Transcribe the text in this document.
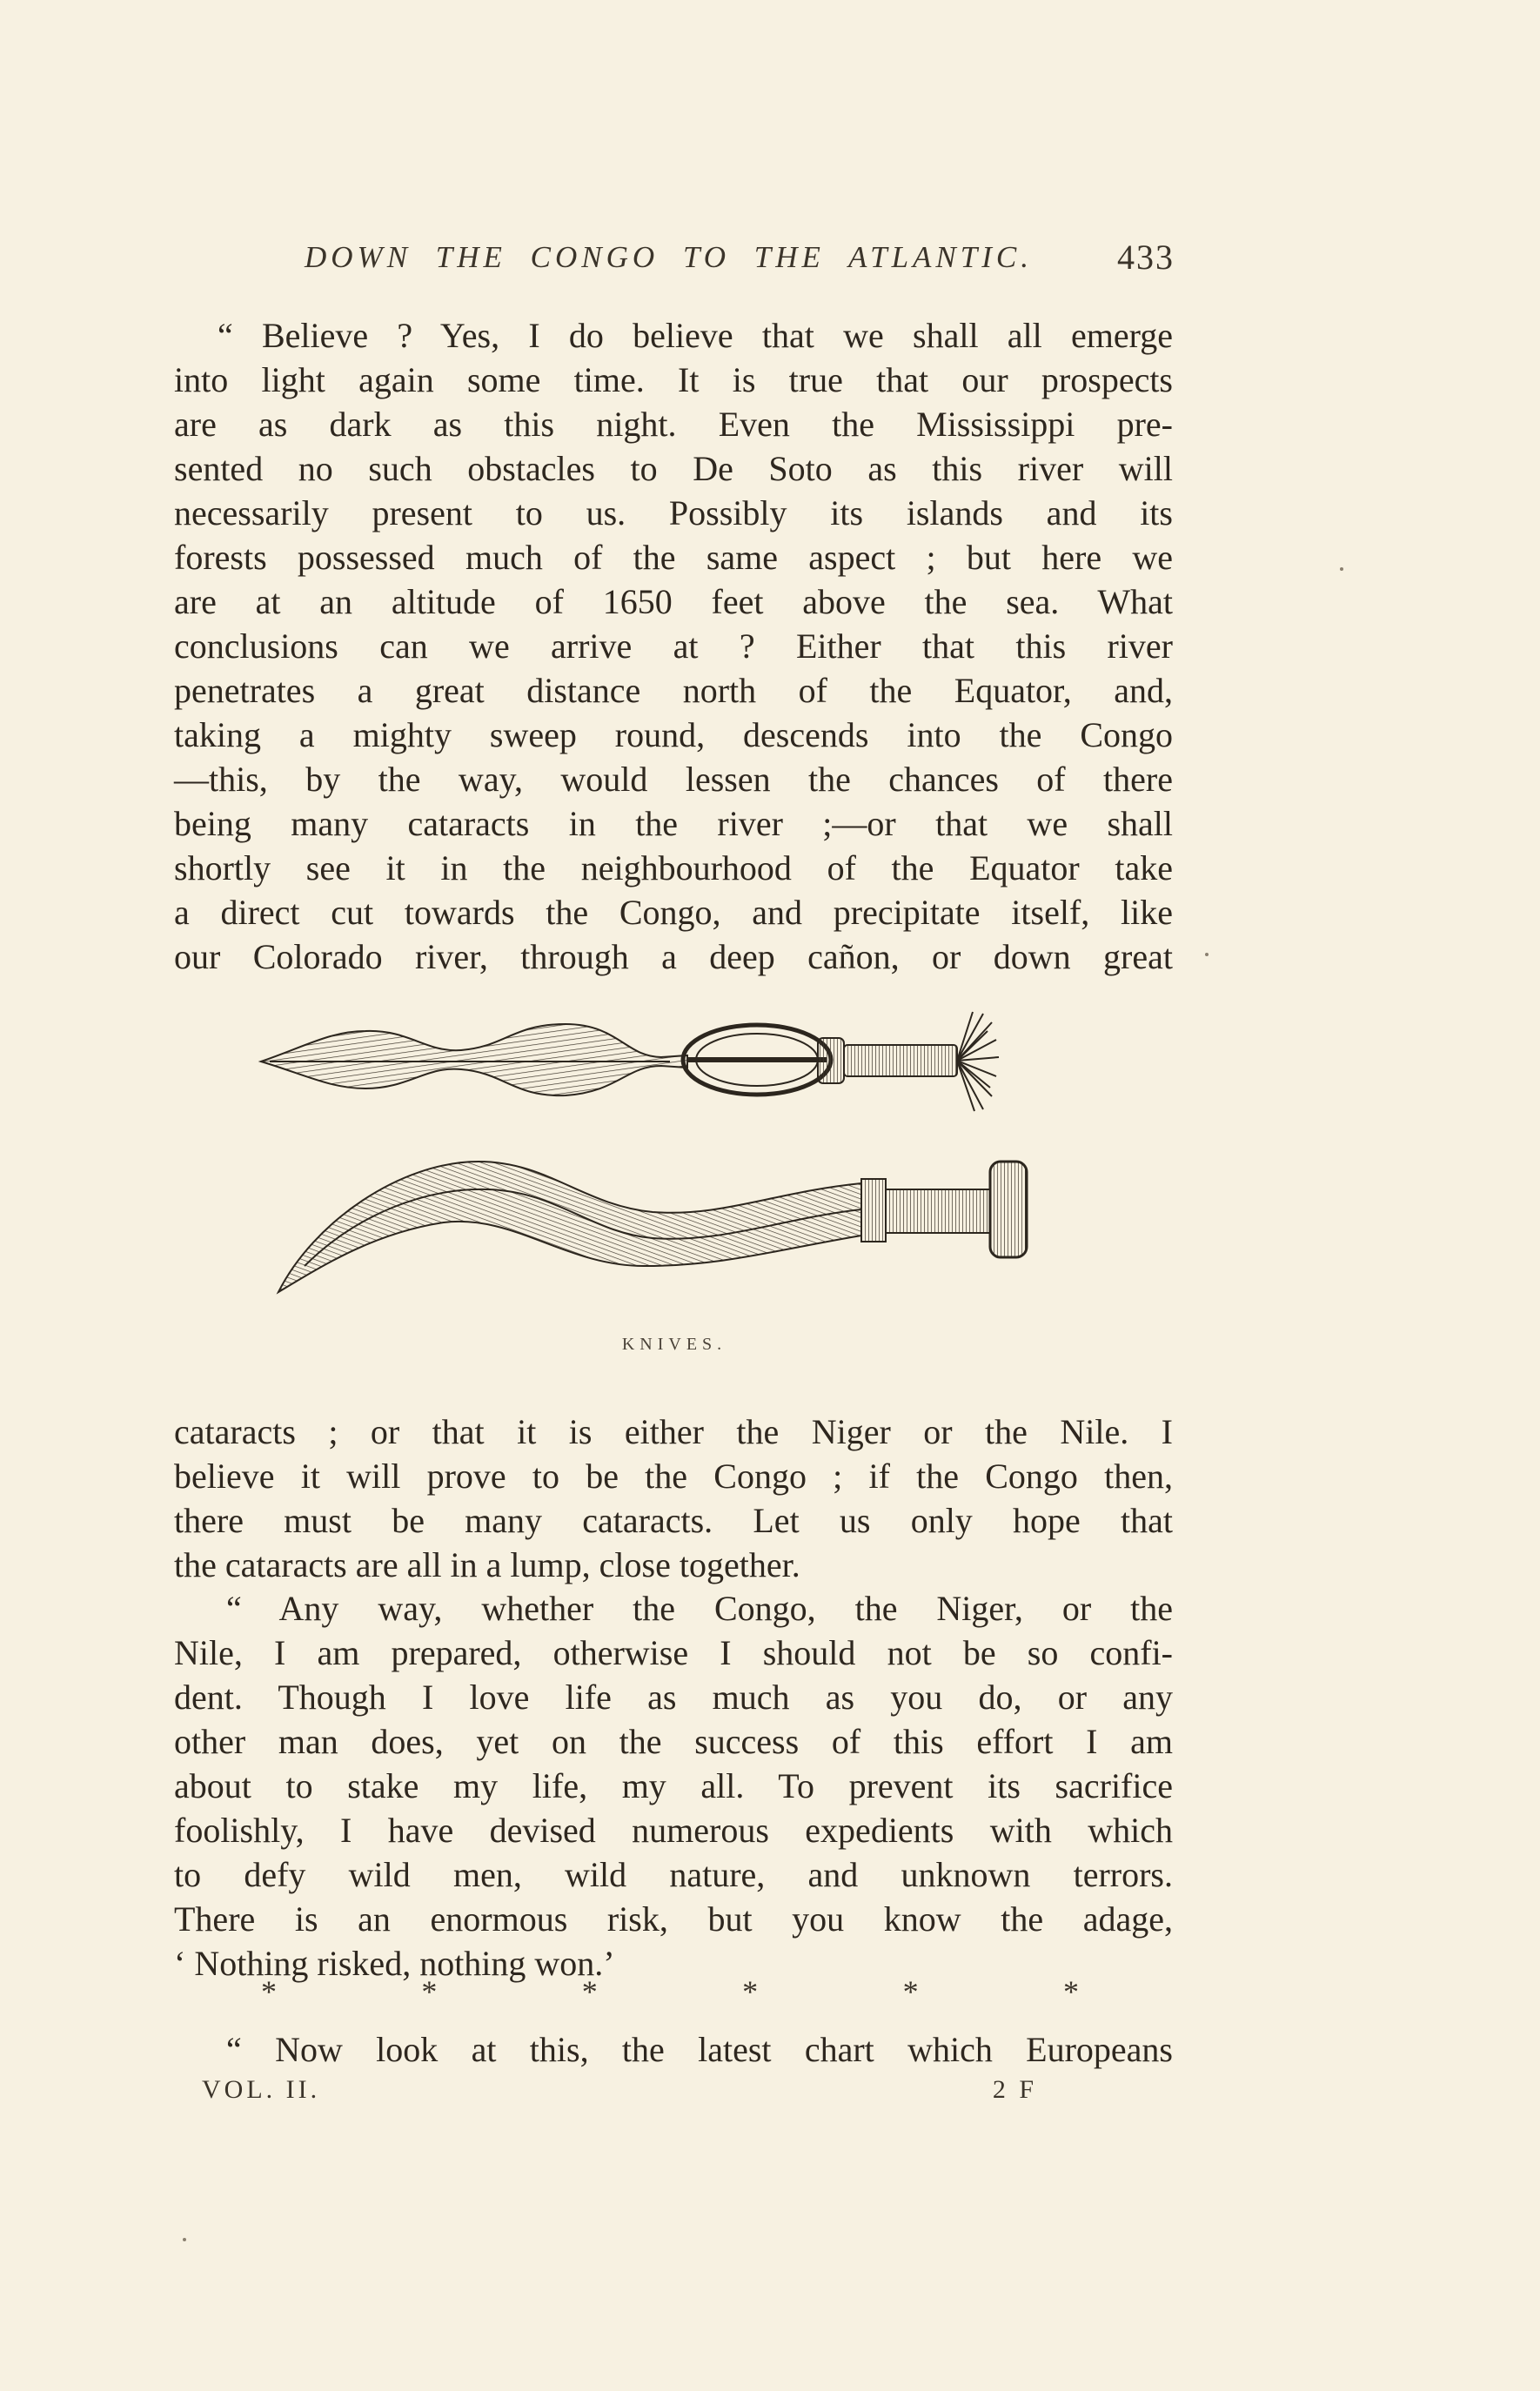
DOWN THE CONGO TO THE ATLANTIC. 433
“ Believe ? Yes, I do believe that we shall all emerge
into light again some time. It is true that our prospects
are as dark as this night. Even the Mississippi pre-
sented no such obstacles to De Soto as this river will
necessarily present to us. Possibly its islands and its
forests possessed much of the same aspect ; but here we
are at an altitude of 1650 feet above the sea. What
conclusions can we arrive at ? Either that this river
penetrates a great distance north of the Equator, and,
taking a mighty sweep round, descends into the Congo
—this, by the way, would lessen the chances of there
being many cataracts in the river ;—or that we shall
shortly see it in the neighbourhood of the Equator take
a direct cut towards the Congo, and precipitate itself, like
our Colorado river, through a deep cañon, or down great
KNIVES.
cataracts ; or that it is either the Niger or the Nile. I
believe it will prove to be the Congo ; if the Congo then,
there must be many cataracts. Let us only hope that
the cataracts are all in a lump, close together.
“ Any way, whether the Congo, the Niger, or the
Nile, I am prepared, otherwise I should not be so confi-
dent. Though I love life as much as you do, or any
other man does, yet on the success of this effort I am
about to stake my life, my all. To prevent its sacrifice
foolishly, I have devised numerous expedients with which
to defy wild men, wild nature, and unknown terrors.
There is an enormous risk, but you know the adage,
‘ Nothing risked, nothing won.’
*	*	*	*	*	*
“ Now look at this, the latest chart which Europeans
VOL. II.	2 F
